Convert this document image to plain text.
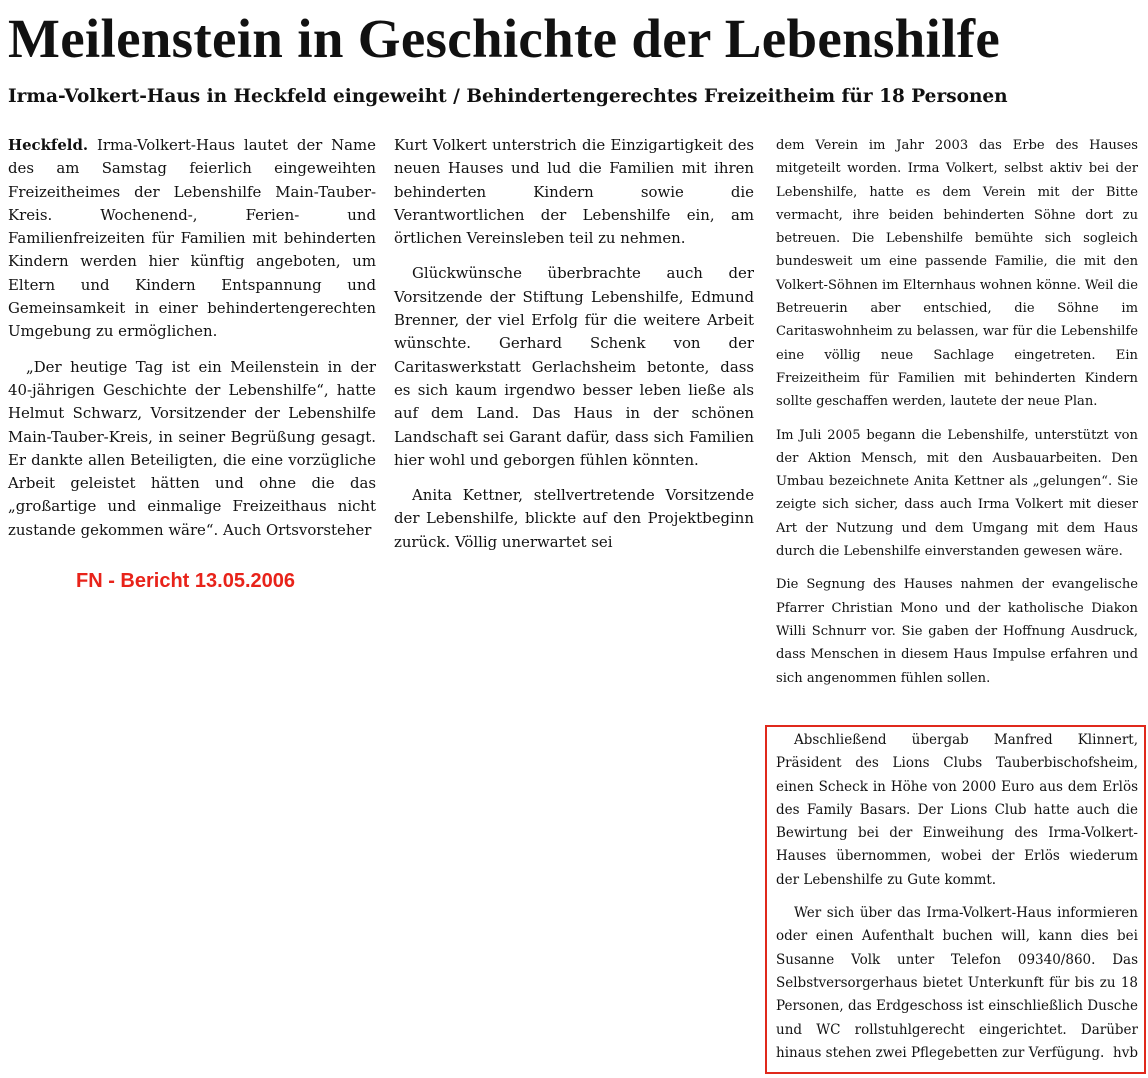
Meilenstein in Geschichte der Lebenshilfe
Irma-Volkert-Haus in Heckfeld eingeweiht / Behindertengerechtes Freizeitheim für 18 Personen

Heckfeld. Irma-Volkert-Haus lautet der Name des am Samstag feierlich eingeweihten Freizeitheimes der Lebenshilfe Main-Tauber-Kreis. Wochenend-, Ferien- und Familienfreizeiten für Familien mit behinderten Kindern werden hier künftig angeboten, um Eltern und Kindern Entspannung und Gemeinsamkeit in einer behindertengerechten Umgebung zu ermöglichen.

„Der heutige Tag ist ein Meilenstein in der 40-jährigen Geschichte der Lebenshilfe“, hatte Helmut Schwarz, Vorsitzender der Lebenshilfe Main-Tauber-Kreis, in seiner Begrüßung gesagt. Er dankte allen Beteiligten, die eine vorzügliche Arbeit geleistet hätten und ohne die das „großartige und einmalige Freizeithaus nicht zustande gekommen wäre“. Auch Ortsvorsteher

Kurt Volkert unterstrich die Einzigartigkeit des neuen Hauses und lud die Familien mit ihren behinderten Kindern sowie die Verantwortlichen der Lebenshilfe ein, am örtlichen Vereinsleben teil zu nehmen.

Glückwünsche überbrachte auch der Vorsitzende der Stiftung Lebenshilfe, Edmund Brenner, der viel Erfolg für die weitere Arbeit wünschte. Gerhard Schenk von der Caritaswerkstatt Gerlachsheim betonte, dass es sich kaum irgendwo besser leben ließe als auf dem Land. Das Haus in der schönen Landschaft sei Garant dafür, dass sich Familien hier wohl und geborgen fühlen könnten.

Anita Kettner, stellvertretende Vorsitzende der Lebenshilfe, blickte auf den Projektbeginn zurück. Völlig unerwartet sei

dem Verein im Jahr 2003 das Erbe des Hauses mitgeteilt worden. Irma Volkert, selbst aktiv bei der Lebenshilfe, hatte es dem Verein mit der Bitte vermacht, ihre beiden behinderten Söhne dort zu betreuen. Die Lebenshilfe bemühte sich sogleich bundesweit um eine passende Familie, die mit den Volkert-Söhnen im Elternhaus wohnen könne. Weil die Betreuerin aber entschied, die Söhne im Caritaswohnheim zu belassen, war für die Lebenshilfe eine völlig neue Sachlage eingetreten. Ein Freizeitheim für Familien mit behinderten Kindern sollte geschaffen werden, lautete der neue Plan.

Im Juli 2005 begann die Lebenshilfe, unterstützt von der Aktion Mensch, mit den Ausbauarbeiten. Den Umbau bezeichnete Anita Kettner als „gelungen“. Sie zeigte sich sicher, dass auch Irma Volkert mit dieser Art der Nutzung und dem Umgang mit dem Haus durch die Lebenshilfe einverstanden gewesen wäre.

Die Segnung des Hauses nahmen der evangelische Pfarrer Christian Mono und der katholische Diakon Willi Schnurr vor. Sie gaben der Hoffnung Ausdruck, dass Menschen in diesem Haus Impulse erfahren und sich angenommen fühlen sollen.

Abschließend übergab Manfred Klinnert, Präsident des Lions Clubs Tauberbischofsheim, einen Scheck in Höhe von 2000 Euro aus dem Erlös des Family Basars. Der Lions Club hatte auch die Bewirtung bei der Einweihung des Irma-Volkert-Hauses übernommen, wobei der Erlös wiederum der Lebenshilfe zu Gute kommt.

Wer sich über das Irma-Volkert-Haus informieren oder einen Aufenthalt buchen will, kann dies bei Susanne Volk unter Telefon 09340/860. Das Selbstversorgerhaus bietet Unterkunft für bis zu 18 Personen, das Erdgeschoss ist einschließlich Dusche und WC rollstuhlgerecht eingerichtet. Darüber hinaus stehen zwei Pflegebetten zur Verfügung. hvb

FN - Bericht 13.05.2006
